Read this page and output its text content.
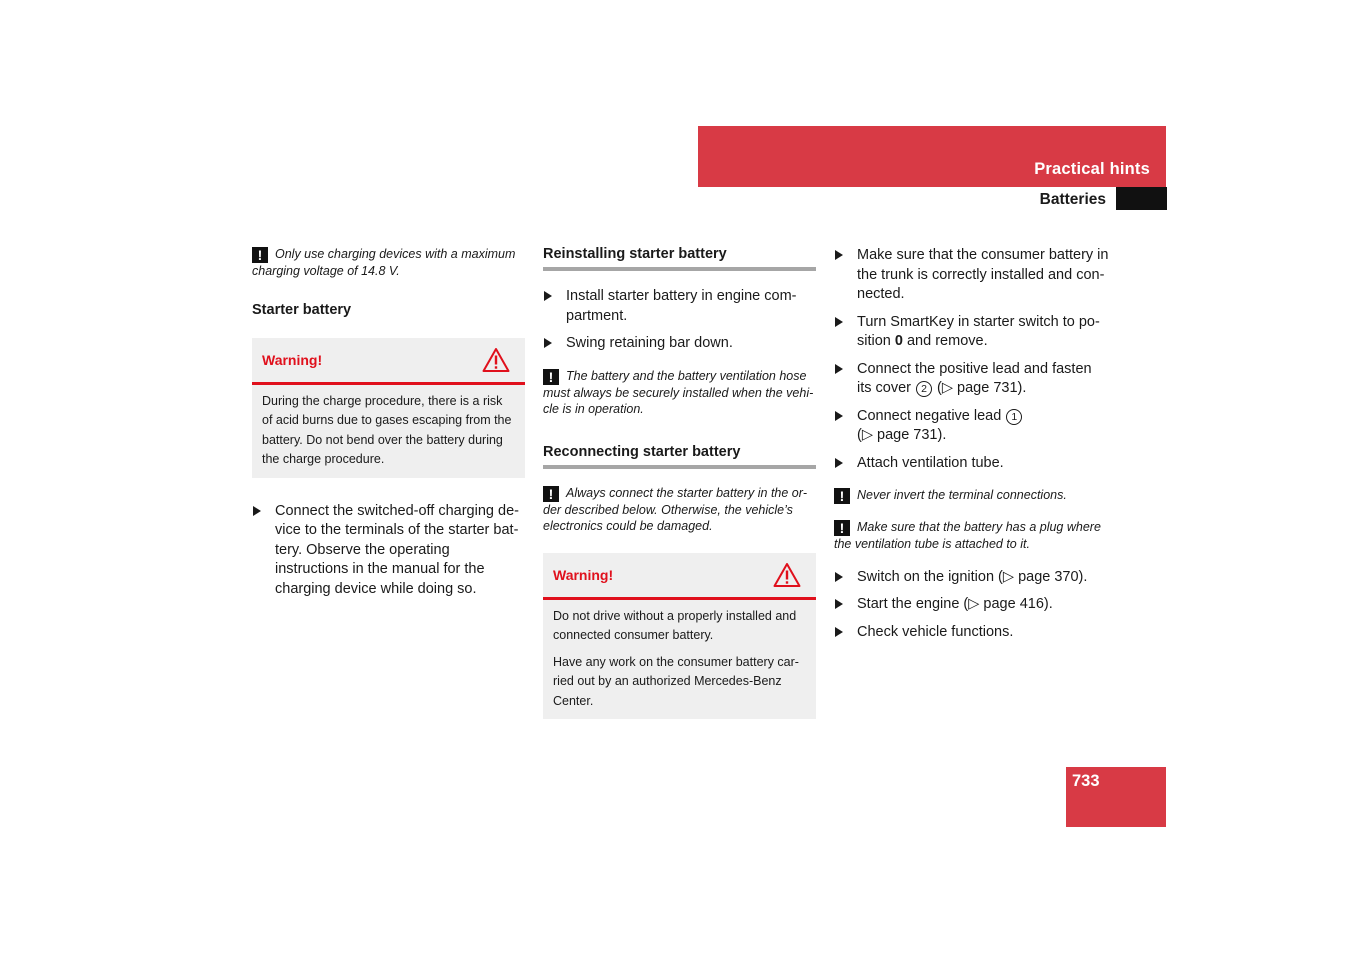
Practical hints
Batteries

! Only use charging devices with a maximum charging voltage of 14.8 V.

Starter battery
Warning!

During the charge procedure, there is a risk of acid burns due to gases escaping from the battery. Do not bend over the battery during the charge procedure.

Connect the switched-off charging device to the terminals of the starter battery. Observe the operating instructions in the manual for the charging device while doing so.
Reinstalling starter battery
Install starter battery in engine compartment.
Swing retaining bar down.

! The battery and the battery ventilation hose must always be securely installed when the vehicle is in operation.

Reconnecting starter battery

! Always connect the starter battery in the order described below. Otherwise, the vehicle’s electronics could be damaged.

Warning!

Do not drive without a properly installed and connected consumer battery.

Have any work on the consumer battery carried out by an authorized Mercedes-Benz Center.

Make sure that the consumer battery in the trunk is correctly installed and connected.
Turn SmartKey in starter switch to position 0 and remove.
Connect the positive lead and fasten its cover 2 (▷ page 731).
Connect negative lead 1
(▷ page 731).
Attach ventilation tube.

! Never invert the terminal connections.

! Make sure that the battery has a plug where the ventilation tube is attached to it.

Switch on the ignition (▷ page 370).
Start the engine (▷ page 416).
Check vehicle functions.
733
